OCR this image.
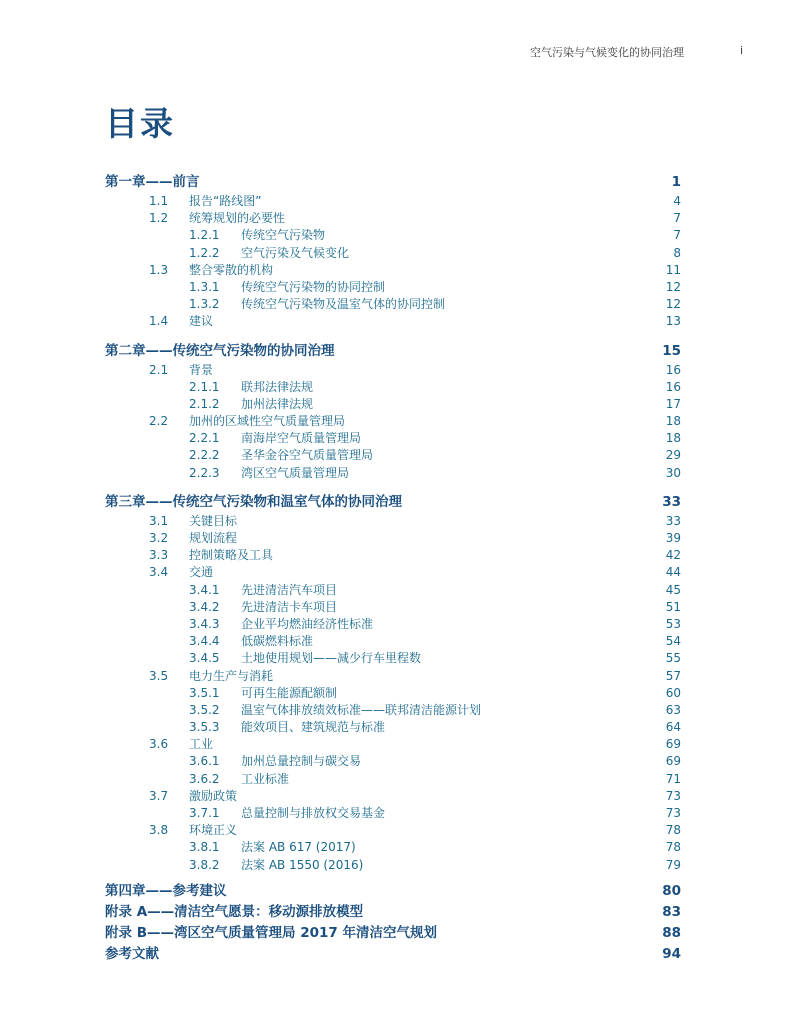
空气污染与气候变化的协同治理	i
目录
第一章——前言	1
1.1 报告“路线图”	4
1.2 统筹规划的必要性	7
1.2.1 传统空气污染物	7
1.2.2 空气污染及气候变化	8
1.3 整合零散的机构	11
1.3.1 传统空气污染物的协同控制	12
1.3.2 传统空气污染物及温室气体的协同控制	12
1.4 建议	13
第二章——传统空气污染物的协同治理	15
2.1 背景	16
2.1.1 联邦法律法规	16
2.1.2 加州法律法规	17
2.2 加州的区域性空气质量管理局	18
2.2.1 南海岸空气质量管理局	18
2.2.2 圣华金谷空气质量管理局	29
2.2.3 湾区空气质量管理局	30
第三章——传统空气污染物和温室气体的协同治理	33
3.1 关键目标	33
3.2 规划流程	39
3.3 控制策略及工具	42
3.4 交通	44
3.4.1 先进清洁汽车项目	45
3.4.2 先进清洁卡车项目	51
3.4.3 企业平均燃油经济性标准	53
3.4.4 低碳燃料标准	54
3.4.5 土地使用规划——减少行车里程数	55
3.5 电力生产与消耗	57
3.5.1 可再生能源配额制	60
3.5.2 温室气体排放绩效标准——联邦清洁能源计划	63
3.5.3 能效项目、建筑规范与标准	64
3.6 工业	69
3.6.1 加州总量控制与碳交易	69
3.6.2 工业标准	71
3.7 激励政策	73
3.7.1 总量控制与排放权交易基金	73
3.8 环境正义	78
3.8.1 法案 AB 617 (2017)	78
3.8.2 法案 AB 1550 (2016)	79
第四章——参考建议	80
附录 A——清洁空气愿景：移动源排放模型	83
附录 B——湾区空气质量管理局 2017 年清洁空气规划	88
参考文献	94
